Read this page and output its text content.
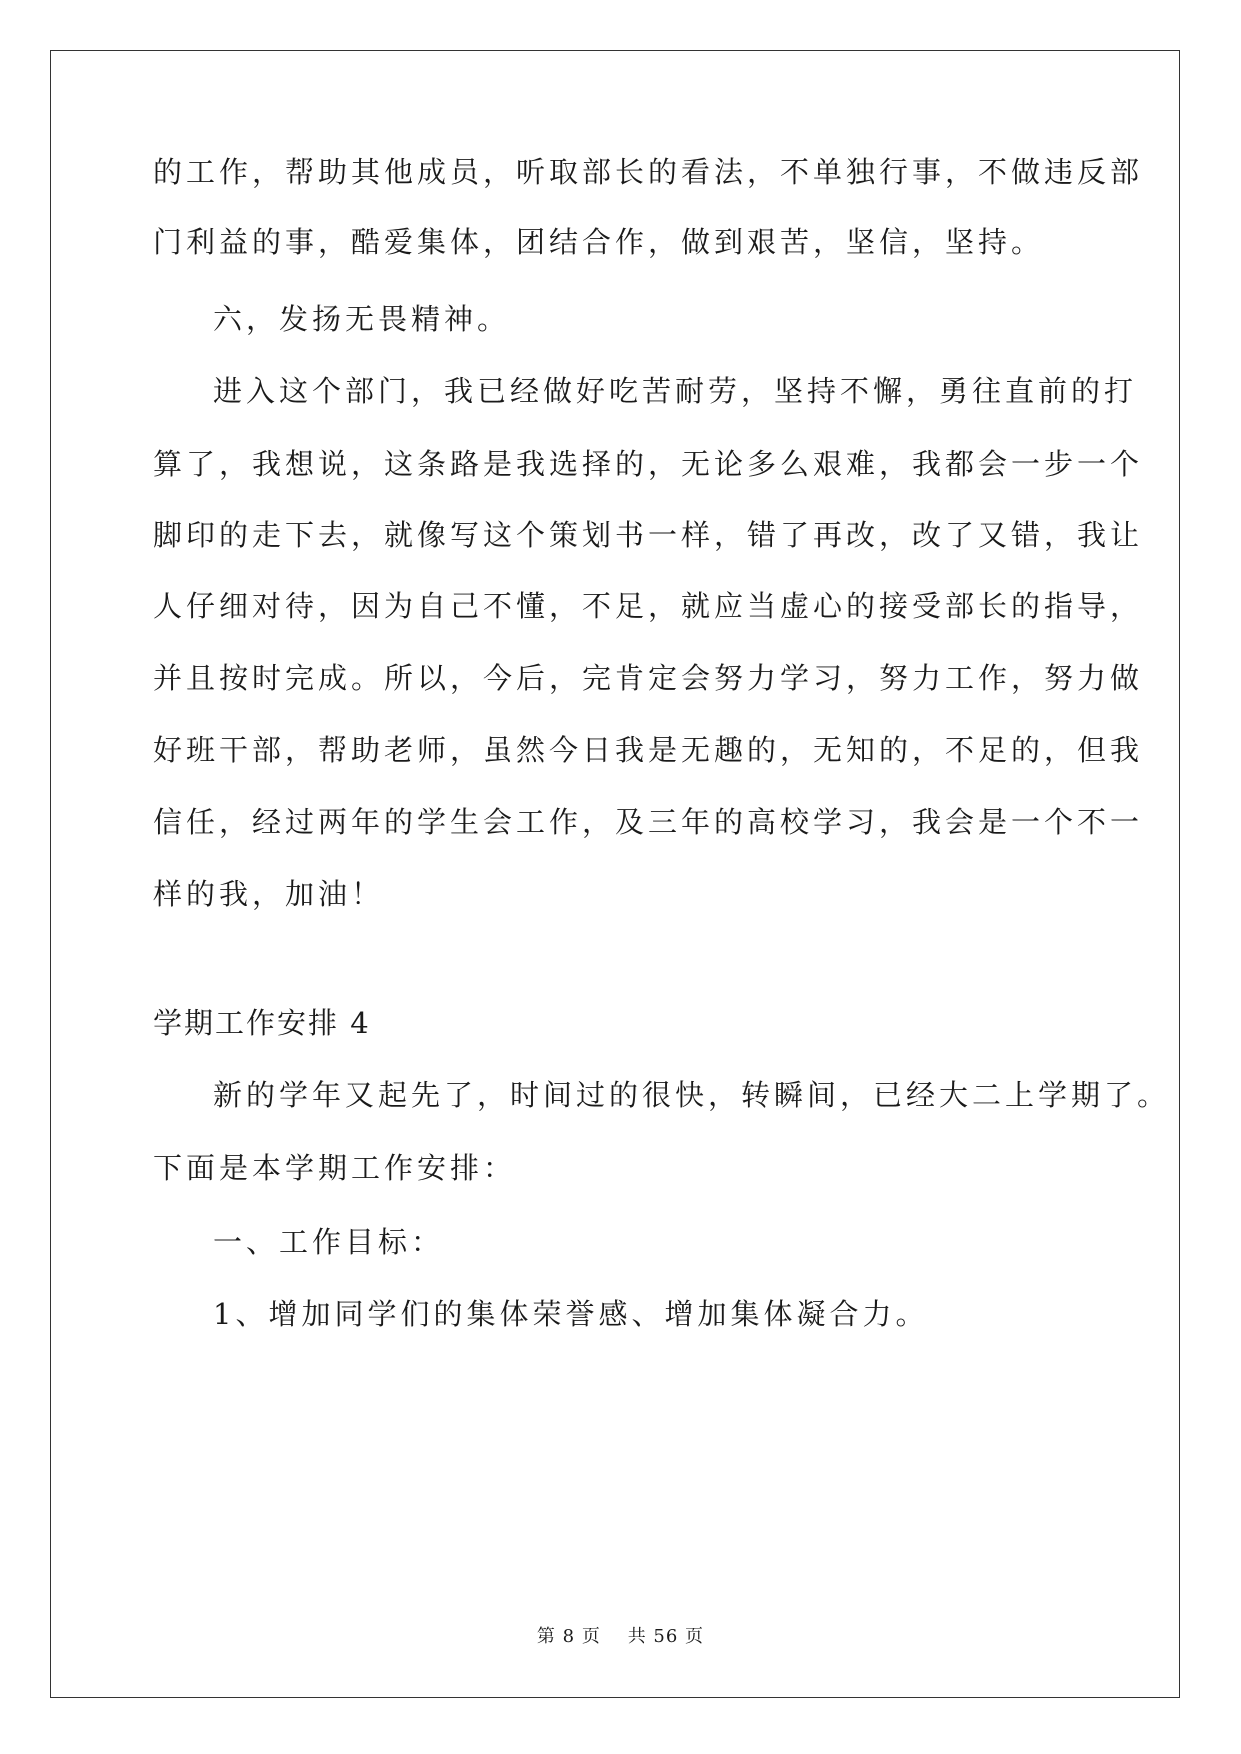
的工作，帮助其他成员，听取部长的看法，不单独行事，不做违反部
门利益的事，酷爱集体，团结合作，做到艰苦，坚信，坚持。
六，发扬无畏精神。
进入这个部门，我已经做好吃苦耐劳，坚持不懈，勇往直前的打
算了，我想说，这条路是我选择的，无论多么艰难，我都会一步一个
脚印的走下去，就像写这个策划书一样，错了再改，改了又错，我让
人仔细对待，因为自己不懂，不足，就应当虚心的接受部长的指导，
并且按时完成。所以，今后，完肯定会努力学习，努力工作，努力做
好班干部，帮助老师，虽然今日我是无趣的，无知的，不足的，但我
信任，经过两年的学生会工作，及三年的高校学习，我会是一个不一
样的我，加油！
学期工作安排 4
新的学年又起先了，时间过的很快，转瞬间，已经大二上学期了。
下面是本学期工作安排：
一、工作目标：
1、增加同学们的集体荣誉感、增加集体凝合力。
第 8 页    共 56 页
